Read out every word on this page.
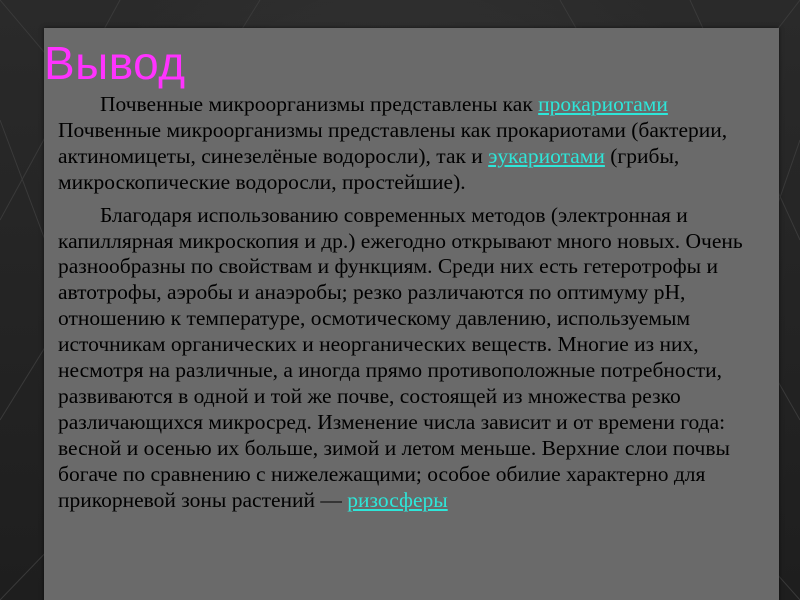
Вывод

Почвенные микроорганизмы представлены как прокариотамиПочвенные микроорганизмы представлены как прокариотами (бактерии, актиномицеты, синезелёные водоросли), так и эукариотами (грибы, микроскопические водоросли, простейшие).

Благодаря использованию современных методов (электронная и капиллярная микроскопия и др.) ежегодно открывают много новых. Очень разнообразны по свойствам и функциям. Среди них есть гетеротрофы и автотрофы, аэробы и анаэробы; резко различаются по оптимуму pH, отношению к температуре, осмотическому давлению, используемым источникам органических и неорганических веществ. Многие из них, несмотря на различные, а иногда прямо противоположные потребности, развиваются в одной и той же почве, состоящей из множества резко различающихся микросред. Изменение числа зависит и от времени года: весной и осенью их больше, зимой и летом меньше. Верхние слои почвы богаче по сравнению с нижележащими; особое обилие характерно для прикорневой зоны растений — ризосферы
